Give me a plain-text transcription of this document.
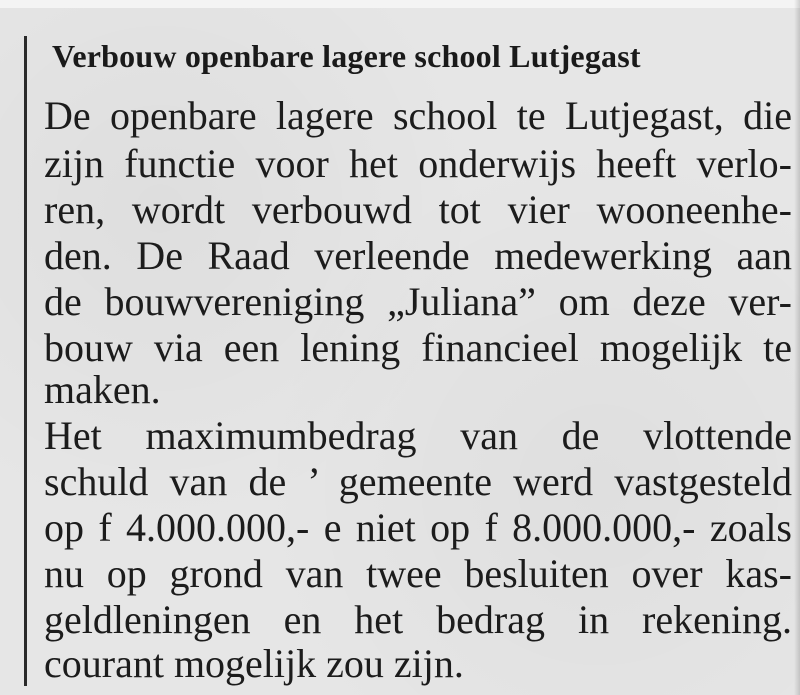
Verbouw openbare lagere school Lutjegast
De openbare lagere school te Lutjegast, die
zijn functie voor het onderwijs heeft verlo-
ren, wordt verbouwd tot vier wooneenhe-
den. De Raad verleende medewerking aan
de bouwvereniging „Juliana” om deze ver-
bouw via een lening financieel mogelijk te
maken.
Het maximumbedrag van de vlottende
schuld van de ’ gemeente werd vastgesteld
op f 4.000.000,- e niet op f 8.000.000,- zoals
nu op grond van twee besluiten over kas-
geldleningen en het bedrag in rekening.
courant mogelijk zou zijn.
